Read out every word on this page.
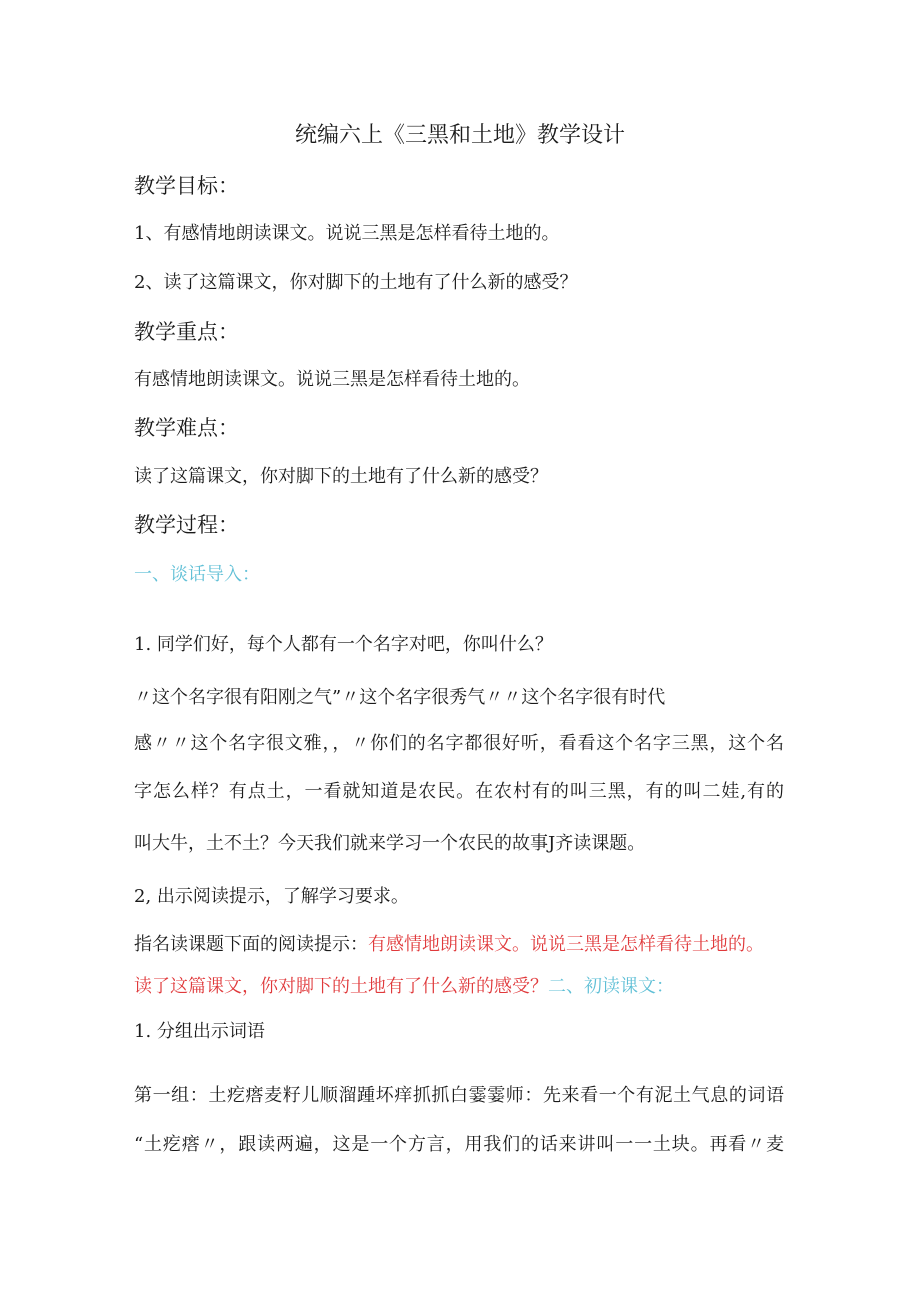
统编六上《三黑和土地》教学设计
教学目标：
1、有感情地朗读课文。说说三黑是怎样看待土地的。
2、读了这篇课文，你对脚下的土地有了什么新的感受？
教学重点：
有感情地朗读课文。说说三黑是怎样看待土地的。
教学难点：
读了这篇课文，你对脚下的土地有了什么新的感受？
教学过程：
一、谈话导入：
1. 同学们好，每个人都有一个名字对吧，你叫什么？
〃这个名字很有阳刚之气”〃这个名字很秀气〃〃这个名字很有时代
感〃〃这个名字很文雅，，〃你们的名字都很好听，看看这个名字三黑，这个名
字怎么样？有点土，一看就知道是农民。在农村有的叫三黑，有的叫二娃,有的
叫大牛，土不土？今天我们就来学习一个农民的故事J齐读课题。
2, 出示阅读提示，了解学习要求。
指名读课题下面的阅读提示：有感情地朗读课文。说说三黑是怎样看待土地的。
读了这篇课文，你对脚下的土地有了什么新的感受？二、初读课文：
1. 分组出示词语
第一组：土疙瘩麦籽儿顺溜踵坏痒抓抓白霎霎师：先来看一个有泥土气息的词语
“土疙瘩〃，跟读两遍，这是一个方言，用我们的话来讲叫一一土块。再看〃麦
